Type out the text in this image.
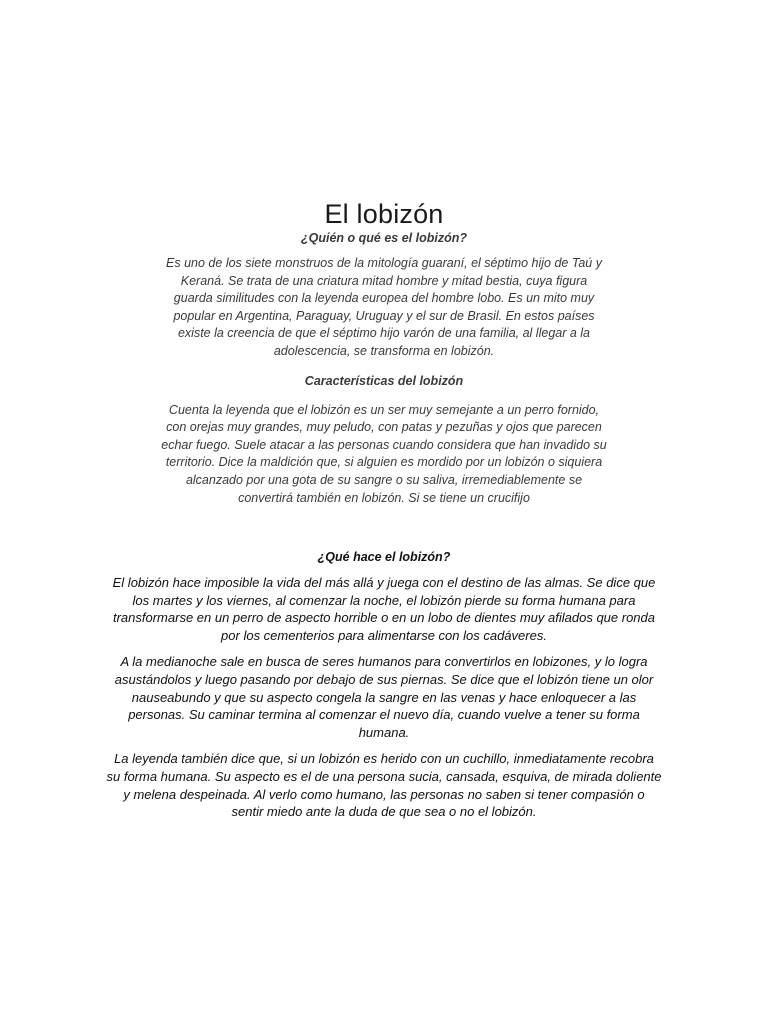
El lobizón

¿Quién o qué es el lobizón?

Es uno de los siete monstruos de la mitología guaraní, el séptimo hijo de Taú y Keraná. Se trata de una criatura mitad hombre y mitad bestia, cuya figura guarda similitudes con la leyenda europea del hombre lobo. Es un mito muy popular en Argentina, Paraguay, Uruguay y el sur de Brasil. En estos países existe la creencia de que el séptimo hijo varón de una familia, al llegar a la adolescencia, se transforma en lobizón.

Características del lobizón

Cuenta la leyenda que el lobizón es un ser muy semejante a un perro fornido, con orejas muy grandes, muy peludo, con patas y pezuñas y ojos que parecen echar fuego. Suele atacar a las personas cuando considera que han invadido su territorio. Dice la maldición que, si alguien es mordido por un lobizón o siquiera alcanzado por una gota de su sangre o su saliva, irremediablemente se convertirá también en lobizón. Si se tiene un crucifijo

¿Qué hace el lobizón?

El lobizón hace imposible la vida del más allá y juega con el destino de las almas. Se dice que los martes y los viernes, al comenzar la noche, el lobizón pierde su forma humana para transformarse en un perro de aspecto horrible o en un lobo de dientes muy afilados que ronda por los cementerios para alimentarse con los cadáveres.

A la medianoche sale en busca de seres humanos para convertirlos en lobizones, y lo logra asustándolos y luego pasando por debajo de sus piernas. Se dice que el lobizón tiene un olor nauseabundo y que su aspecto congela la sangre en las venas y hace enloquecer a las personas. Su caminar termina al comenzar el nuevo día, cuando vuelve a tener su forma humana.

La leyenda también dice que, si un lobizón es herido con un cuchillo, inmediatamente recobra su forma humana. Su aspecto es el de una persona sucia, cansada, esquiva, de mirada doliente y melena despeinada. Al verlo como humano, las personas no saben si tener compasión o sentir miedo ante la duda de que sea o no el lobizón.
